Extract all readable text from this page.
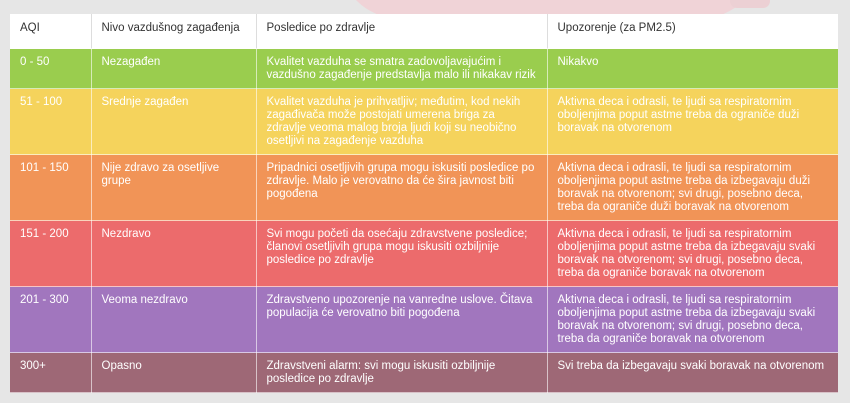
AQI	Nivo vazdušnog zagađenja	Posledice po zdravlje	Upozorenje (za PM2.5)
0 - 50	Nezagađen	Kvalitet vazduha se smatra zadovoljavajućim i vazdušno zagađenje predstavlja malo ili nikakav rizik	Nikakvo
51 - 100	Srednje zagađen	Kvalitet vazduha je prihvatljiv; međutim, kod nekih zagađivača može postojati umerena briga za zdravlje veoma malog broja ljudi koji su neobično osetljivi na zagađenje vazduha	Aktivna deca i odrasli, te ljudi sa respiratornim oboljenjima poput astme treba da ograniče duži boravak na otvorenom
101 - 150	Nije zdravo za osetljive grupe	Pripadnici osetljivih grupa mogu iskusiti posledice po zdravlje. Malo je verovatno da će šira javnost biti pogođena	Aktivna deca i odrasli, te ljudi sa respiratornim oboljenjima poput astme treba da izbegavaju duži boravak na otvorenom; svi drugi, posebno deca, treba da ograniče duži boravak na otvorenom
151 - 200	Nezdravo	Svi mogu početi da osećaju zdravstvene posledice; članovi osetljivih grupa mogu iskusiti ozbiljnije posledice po zdravlje	Aktivna deca i odrasli, te ljudi sa respiratornim oboljenjima poput astme treba da izbegavaju svaki boravak na otvorenom; svi drugi, posebno deca, treba da ograniče boravak na otvorenom
201 - 300	Veoma nezdravo	Zdravstveno upozorenje na vanredne uslove. Čitava populacija će verovatno biti pogođena	Aktivna deca i odrasli, te ljudi sa respiratornim oboljenjima poput astme treba da izbegavaju svaki boravak na otvorenom; svi drugi, posebno deca, treba da ograniče boravak na otvorenom
300+	Opasno	Zdravstveni alarm: svi mogu iskusiti ozbiljnije posledice po zdravlje	Svi treba da izbegavaju svaki boravak na otvorenom
